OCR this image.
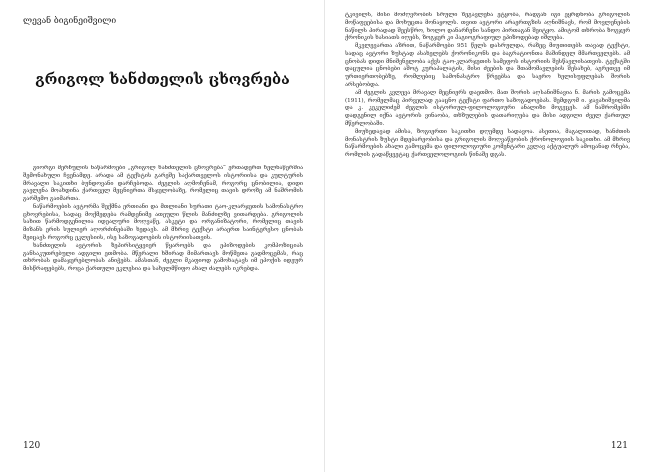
ლევან ბიგინეიშვილი
გრიგოლ ხანძთელის ცხოვრება

გიორგი მერჩულის ნაწარმოები „გრიგოლ ხანძთელის ცხოვრება“ ერთადერთ ხელნაწერშია შემონახული ჩვენამდე. არადა ამ ტექსტის გარეშე საქართველოს ისტორიისა და კულტურის მრავალი საკითხი ბუნდოვანი დარჩებოდა. ძეგლის აღმოჩენამ, როგორც ცნობილია, დიდი გავლენა მოახდინა ქართველ მეცნიერთა მსჯელობაზე, რომელიც თავის დროზე ამ ნაშრომის გარშემო გაიმართა.

ნაწარმოების ავტორმა შექმნა ერთიანი და მთლიანი სურათი ტაო-კლარჯეთის სამონასტრო ცხოვრებისა, სადაც მოქმედება რამდენიმე ათეული წლის მანძილზე ვითარდება. გრიგოლის სახით წარმოდგენილია იდეალური მოღვაწე, ასკეტი და ორგანიზატორი, რომელიც თავის მიზანს ერის სულიერ აღორძინებაში ხედავს. ამ მხრივ ტექსტი არაერთ საინტერესო ცნობას შეიცავს როგორც ეკლესიის, ისე საზოგადოების ისტორიისათვის.

ხანძთელის ავტორის ზეპირსიტყვიერ წყაროებს და ეპიზოდების კომპოზიციას განსაკუთრებული ადგილი ეთმობა. მწერალი ხშირად მიმართავს მოწმეთა გადმოცემას, რაც თხრობას დამაჯერებლობას ანიჭებს. ამასთან, ძეგლი მკაფიოდ გამოხატავს იმ ეპოქის იდეურ მისწრაფებებს, როცა ქართული ეკლესია და სახელმწიფო ახალ ძალებს იკრებდა.

120

ტკივილს, მისი მოძღვრობის სრული ზეგავლენა ეტყობა, რადგან იგი ეყრდნობა გრიგოლის მოწაფეებისა და მოხუცთა მონაყოლს. თვით ავტორი არაერთგზის აღნიშნავს, რომ მოვლენების ნაწილს პირადად შეესწრო, ხოლო დანარჩენი სანდო პირთაგან შეიტყო. ამიტომ თხრობა ზოგჯერ ქრონიკის ხასიათს იღებს, ზოგჯერ კი ჰაგიოგრაფიულ ეპიზოდებად იშლება.

მკვლევართა აზრით, ნაწარმოები 951 წელს დასრულდა, რაზეც მიუთითებს თავად ტექსტი, სადაც ავტორი ზუსტად ასახელებს ქორონიკონს და ბაგრატიონთა მაშინდელ მმართველებს. ამ ცნობას დიდი მნიშვნელობა აქვს ტაო-კლარჯეთის სამეფოს ისტორიის შესწავლისათვის. ტექსტში დაცულია ცნობები აშოტ კურაპალატის, მისი ძეების და შთამომავლების შესახებ, აგრეთვე იმ ურთიერთობებზე, რომლებიც სამონასტრო წრეებსა და საერო ხელისუფლებას შორის არსებობდა.

ამ ძეგლის კვლევა მრავალ მეცნიერს დაეთმო. მათ შორის აღსანიშნავია ნ. მარის გამოცემა (1911), რომელმაც პირველად გააცნო ტექსტი ფართო საზოგადოებას. შემდგომ ი. ჯავახიშვილმა და კ. კეკელიძემ ძეგლის ისტორიულ-ფილოლოგიური ანალიზი მოგვცეს. ამ ნაშრომებში დადგენილ იქნა ავტორის ვინაობა, თხზულების დათარიღება და მისი ადგილი ძველ ქართულ მწერლობაში.

მიუხედავად ამისა, ზოგიერთი საკითხი დღემდე სადავოა. ასეთია, მაგალითად, ხანძთის მონასტრის ზუსტი მდებარეობისა და გრიგოლის მოღვაწეობის ქრონოლოგიის საკითხი. ამ მხრივ ნაწარმოების ახალი გამოცემა და ფილოლოგიური კომენტარი კვლავ აქტუალურ ამოცანად რჩება, რომლის გადაწყვეტაც ქართველოლოგიის წინაშე დგას.

121
